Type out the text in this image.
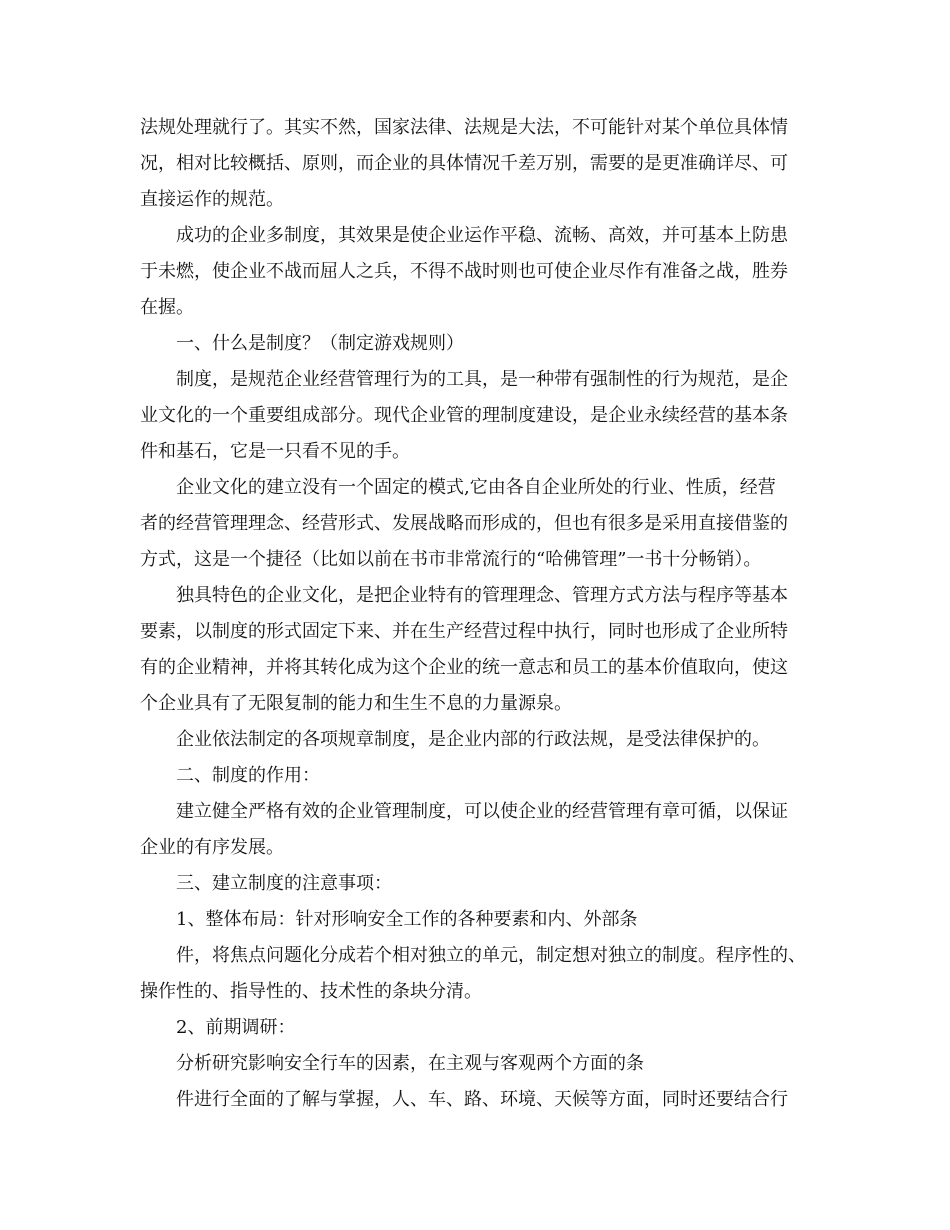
法规处理就行了。其实不然，国家法律、法规是大法，不可能针对某个单位具体情
况，相对比较概括、原则，而企业的具体情况千差万别，需要的是更准确详尽、可
直接运作的规范。
成功的企业多制度，其效果是使企业运作平稳、流畅、高效，并可基本上防患
于未燃，使企业不战而屈人之兵，不得不战时则也可使企业尽作有准备之战，胜券
在握。
一、什么是制度？（制定游戏规则）
制度，是规范企业经营管理行为的工具，是一种带有强制性的行为规范，是企
业文化的一个重要组成部分。现代企业管的理制度建设，是企业永续经营的基本条
件和基石，它是一只看不见的手。
企业文化的建立没有一个固定的模式,它由各自企业所处的行业、性质，经营
者的经营管理理念、经营形式、发展战略而形成的，但也有很多是采用直接借鉴的
方式，这是一个捷径（比如以前在书市非常流行的“哈佛管理”一书十分畅销）。
独具特色的企业文化，是把企业特有的管理理念、管理方式方法与程序等基本
要素，以制度的形式固定下来、并在生产经营过程中执行，同时也形成了企业所特
有的企业精神，并将其转化成为这个企业的统一意志和员工的基本价值取向，使这
个企业具有了无限复制的能力和生生不息的力量源泉。
企业依法制定的各项规章制度，是企业内部的行政法规，是受法律保护的。
二、制度的作用：
建立健全严格有效的企业管理制度，可以使企业的经营管理有章可循，以保证
企业的有序发展。
三、建立制度的注意事项：
1、整体布局：针对形响安全工作的各种要素和内、外部条
件，将焦点问题化分成若个相对独立的单元，制定想对独立的制度。程序性的、
操作性的、指导性的、技术性的条块分清。
2、前期调研：
分析研究影响安全行车的因素，在主观与客观两个方面的条
件进行全面的了解与掌握，人、车、路、环境、天候等方面，同时还要结合行
